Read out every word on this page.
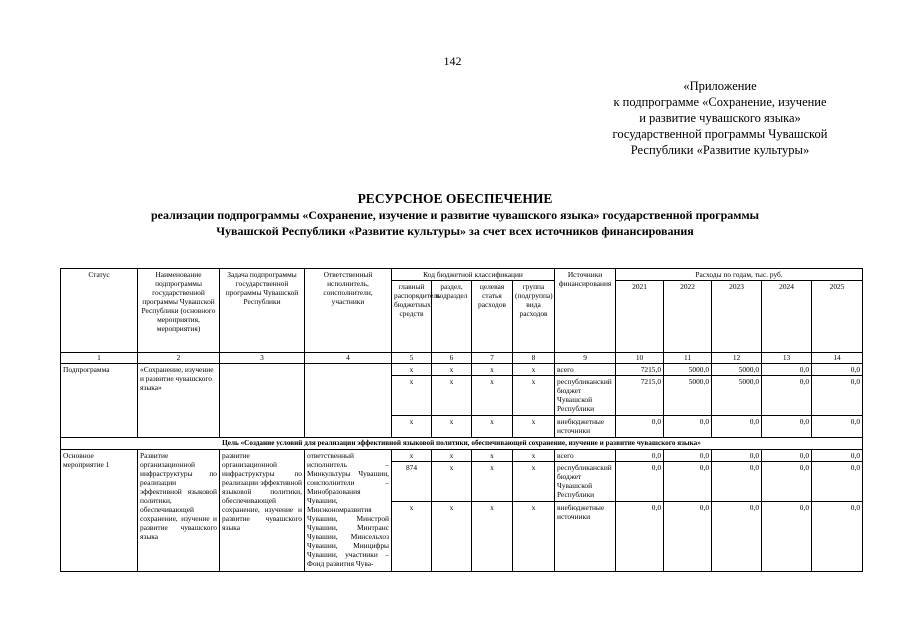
142
«Приложение
к подпрограмме «Сохранение, изучение
и развитие чувашского языка»
государственной программы Чувашской
Республики «Развитие культуры»
РЕСУРСНОЕ ОБЕСПЕЧЕНИЕ
реализации подпрограммы «Сохранение, изучение и развитие чувашского языка» государственной программы
Чувашской Республики «Развитие культуры» за счет всех источников финансирования
Статус	Наименование подпрограммы государственной программы Чувашской Республики (основного мероприятия, мероприятия)	Задача подпрограммы государственной программы Чувашской Республики	Ответственный исполнитель, соисполнители, участники	Код бюджетной классификации				Источники финансирования	Расходы по годам, тыс. руб.				
				главный распорядитель бюджетных средств	раздел, подраздел	целевая статья расходов	группа (подгруппа) вида расходов		2021	2022	2023	2024	2025
1	2	3	4	5	6	7	8	9	10	11	12	13	14
Подпрограмма	«Сохранение, изучение и развитие чувашского языка»			x	x	x	x	всего	7215,0	5000,0	5000,0	0,0	0,0
				x	x	x	x	республиканский бюджет Чувашской Республики	7215,0	5000,0	5000,0	0,0	0,0
				x	x	x	x	внебюджетные источники	0,0	0,0	0,0	0,0	0,0
Цель «Создание условий для реализации эффективной языковой политики, обеспечивающей сохранение, изучение и развитие чувашского языка»													
Основное мероприятие 1	Развитие организационной инфраструктуры по реализации эффективной языковой политики, обеспечивающей сохранение, изучение и развитие чувашского языка	развитие организационной инфраструктуры по реализации эффективной языковой политики, обеспечивающей сохранение, изучение и развитие чувашского языка	ответственный исполнитель – Минкультуры Чувашии, соисполнители – Минобразования Чувашии, Минэкономразвития Чувашии, Минстрой Чувашии, Минтранс Чувашии, Минсельхоз Чувашии, Минцифры Чувашии, участники – Фонд развития Чува-	x	x	x	x	всего	0,0	0,0	0,0	0,0	0,0
				874	x	x	x	республиканский бюджет Чувашской Республики	0,0	0,0	0,0	0,0	0,0
				x	x	x	x	внебюджетные источники	0,0	0,0	0,0	0,0	0,0
